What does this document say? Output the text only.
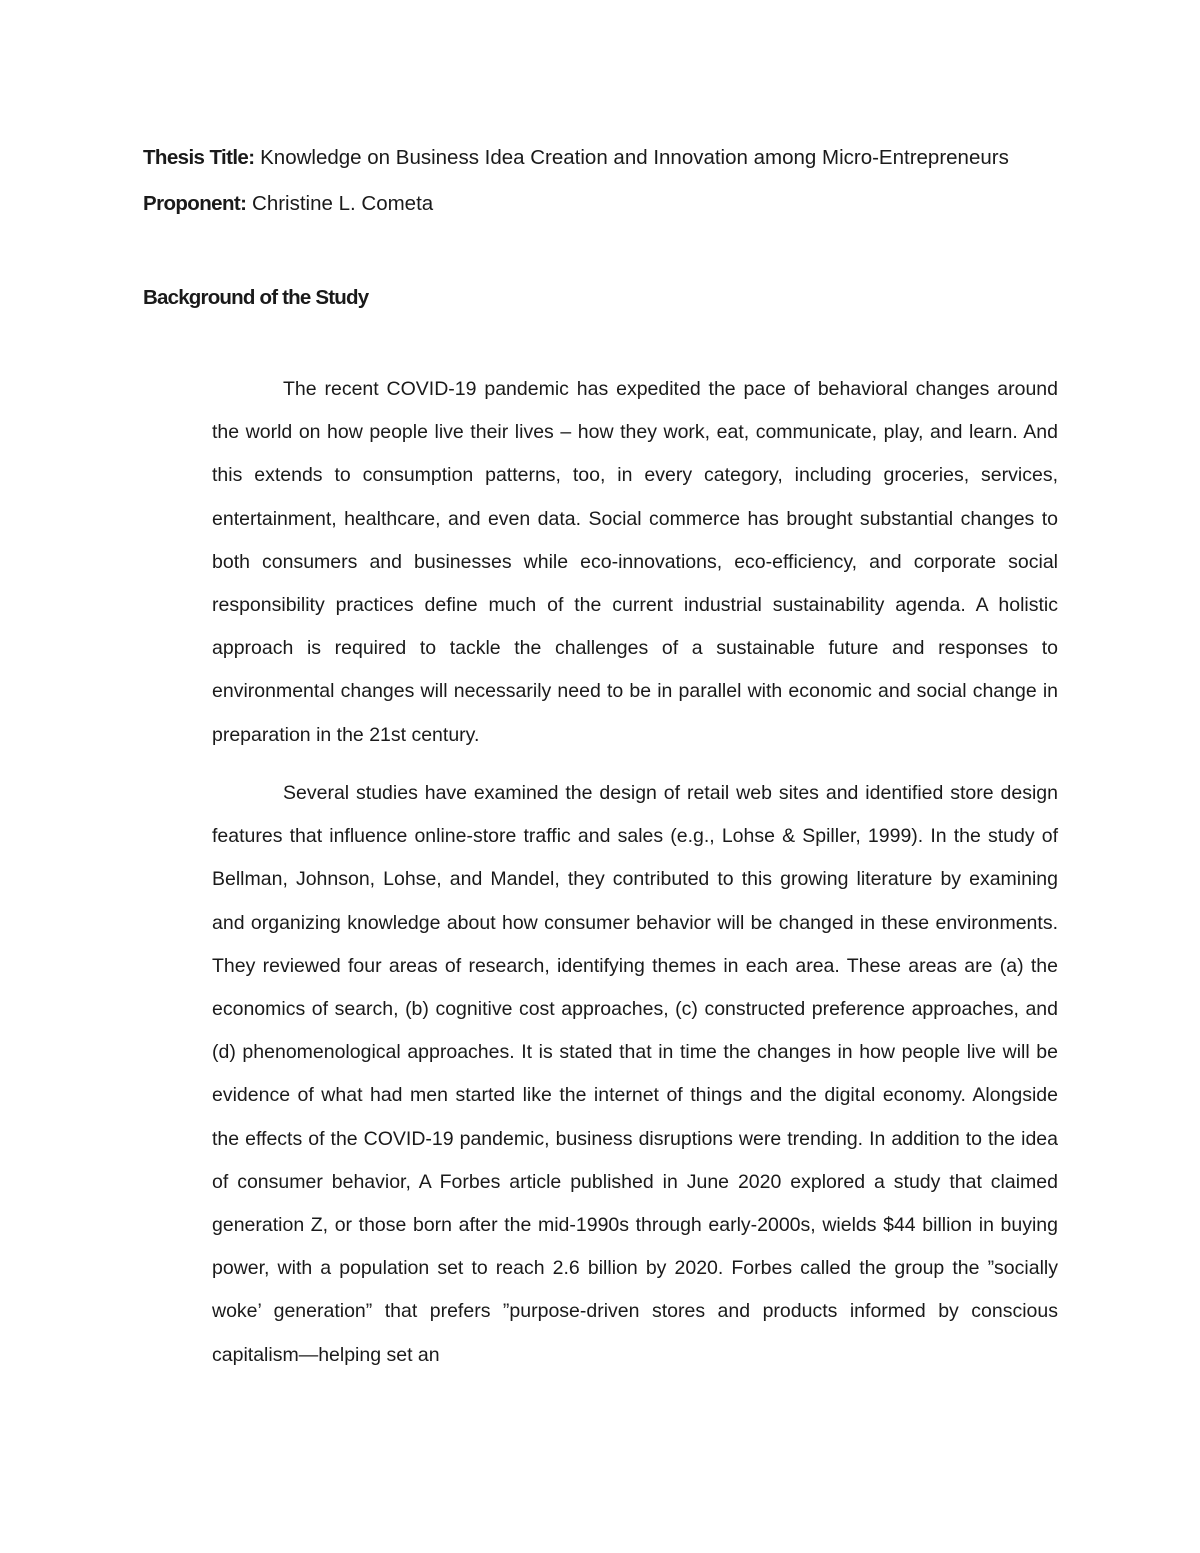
Thesis Title: Knowledge on Business Idea Creation and Innovation among Micro-Entrepreneurs
Proponent: Christine L. Cometa
Background of the Study

The recent COVID-19 pandemic has expedited the pace of behavioral changes around the world on how people live their lives – how they work, eat, communicate, play, and learn. And this extends to consumption patterns, too, in every category, including groceries, services, entertainment, healthcare, and even data. Social commerce has brought substantial changes to both consumers and businesses while eco-innovations, eco-efficiency, and corporate social responsibility practices define much of the current industrial sustainability agenda. A holistic approach is required to tackle the challenges of a sustainable future and responses to environmental changes will necessarily need to be in parallel with economic and social change in preparation in the 21st century.

Several studies have examined the design of retail web sites and identified store design features that influence online-store traffic and sales (e.g., Lohse & Spiller, 1999). In the study of Bellman, Johnson, Lohse, and Mandel, they contributed to this growing literature by examining and organizing knowledge about how consumer behavior will be changed in these environments. They reviewed four areas of research, identifying themes in each area. These areas are (a) the economics of search, (b) cognitive cost approaches, (c) constructed preference approaches, and (d) phenomenological approaches. It is stated that in time the changes in how people live will be evidence of what had men started like the internet of things and the digital economy. Alongside the effects of the COVID-19 pandemic, business disruptions were trending. In addition to the idea of consumer behavior, A Forbes article published in June 2020 explored a study that claimed generation Z, or those born after the mid-1990s through early-2000s, wields $44 billion in buying power, with a population set to reach 2.6 billion by 2020. Forbes called the group the ”socially woke’ generation” that prefers ”purpose-driven stores and products informed by conscious capitalism—helping set an
